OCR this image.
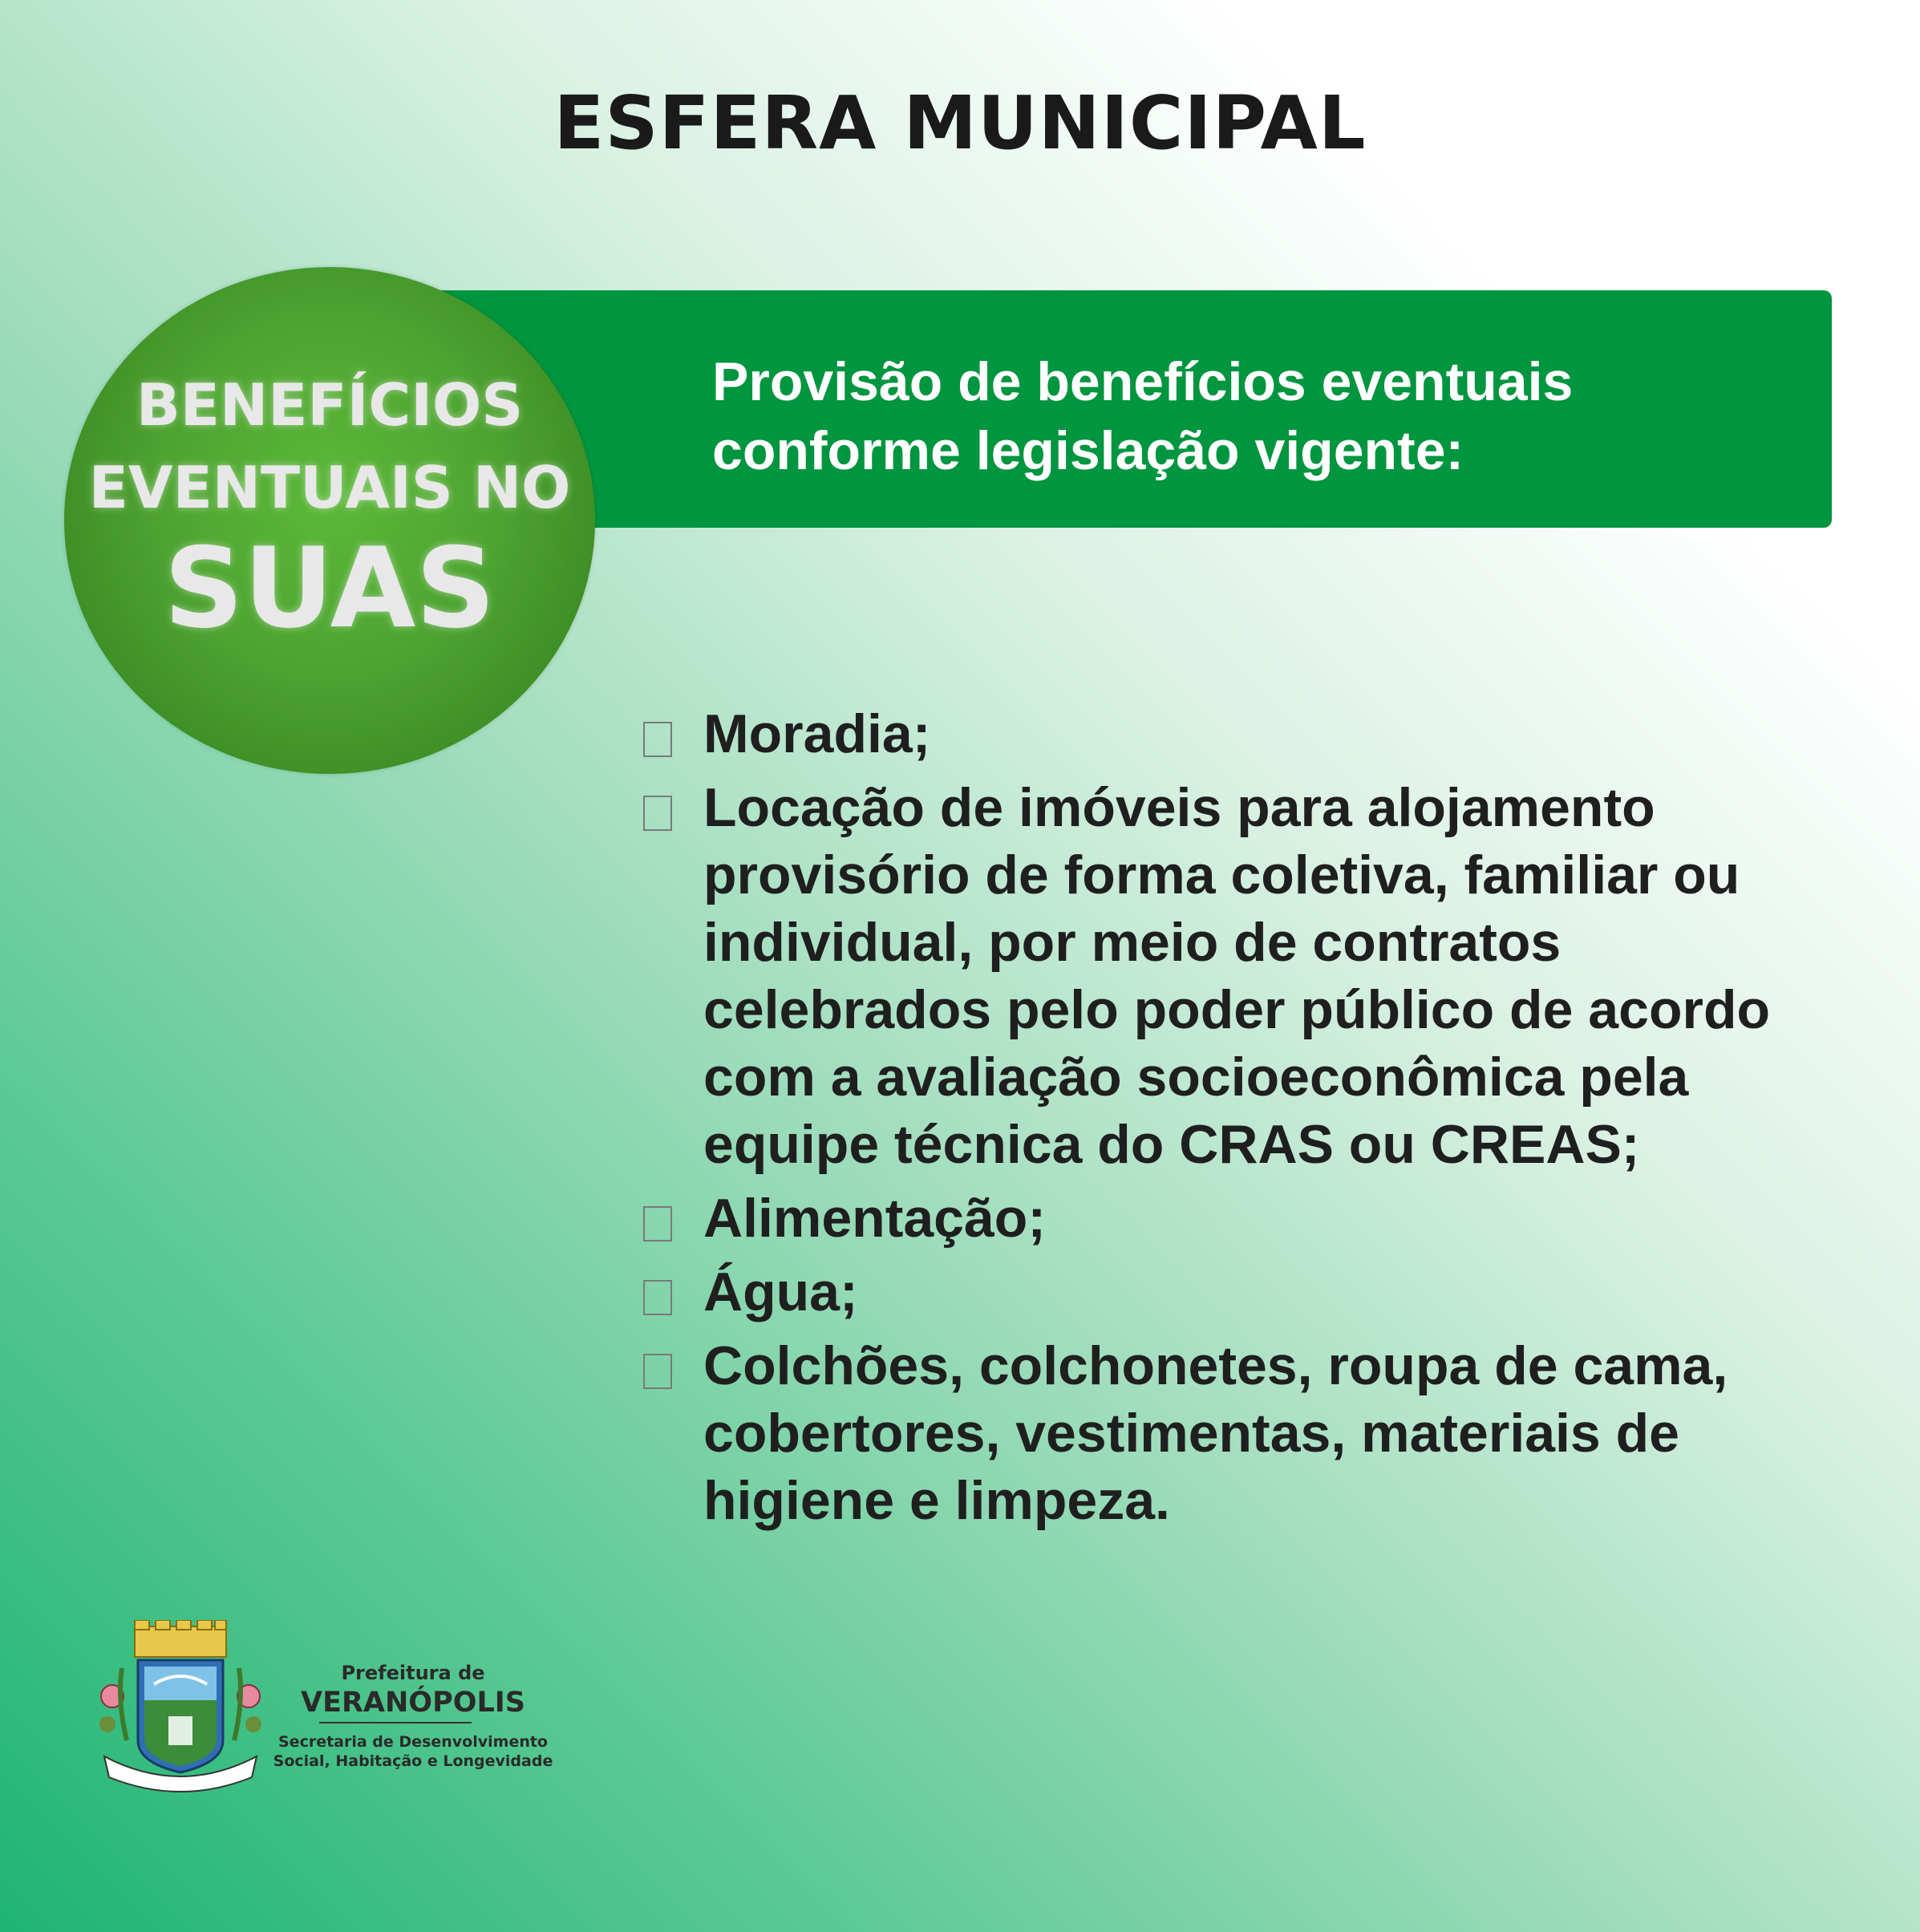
ESFERA MUNICIPAL
Provisão de benefícios eventuais
conforme legislação vigente:
BENEFÍCIOS
EVENTUAIS NO
SUAS
Moradia;
Locação de imóveis para alojamento provisório de forma coletiva, familiar ou individual, por meio de contratos celebrados pelo poder público de acordo com a avaliação socioeconômica pela equipe técnica do CRAS ou CREAS;
Alimentação;
Água;
Colchões, colchonetes, roupa de cama, cobertores, vestimentas, materiais de higiene e limpeza.
Prefeitura de
VERANÓPOLIS
Secretaria de Desenvolvimento
Social, Habitação e Longevidade
